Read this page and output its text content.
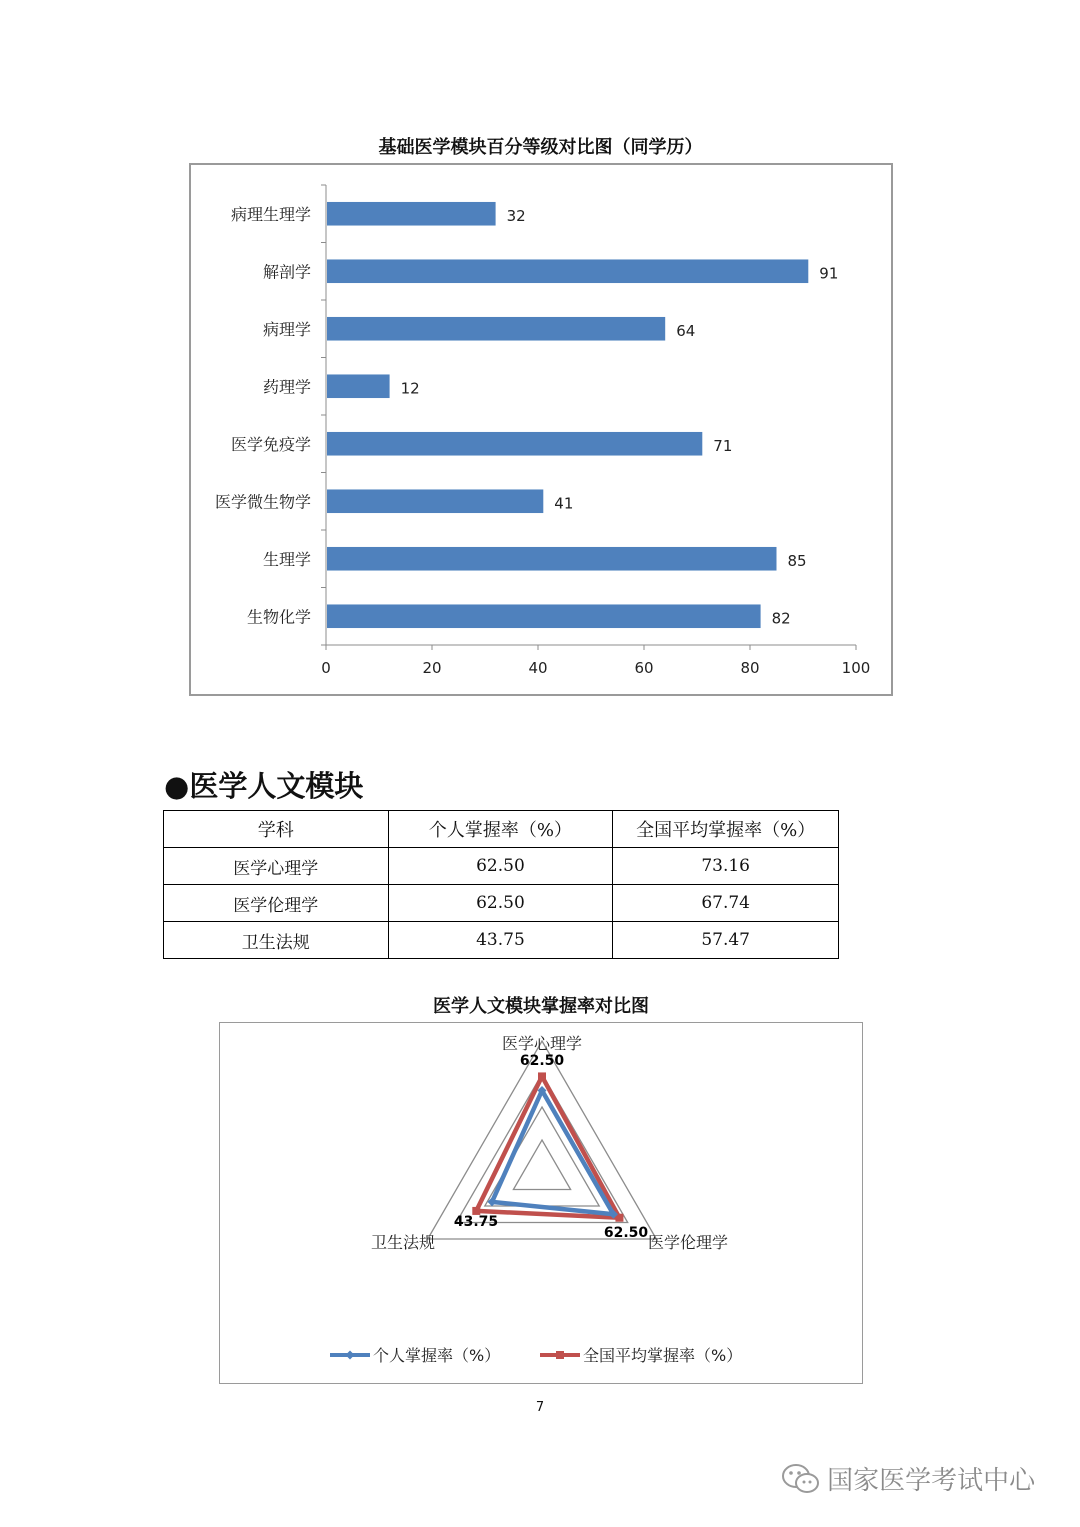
基础医学模块百分等级对比图（同学历）
0	20	40	60	80	100
病理生理学	32
解剖学	91
病理学	64
药理学	12
医学免疫学	71
医学微生物学	41
生理学	85
生物化学	82
●医学人文模块
学科	个人掌握率（%）	全国平均掌握率（%）
医学心理学	62.50	73.16
医学伦理学	62.50	67.74
卫生法规	43.75	57.47
医学人文模块掌握率对比图
62.50
62.50
43.75
医学心理学
医学伦理学
卫生法规
个人掌握率（%）	全国平均掌握率（%）
7
国家医学考试中心
